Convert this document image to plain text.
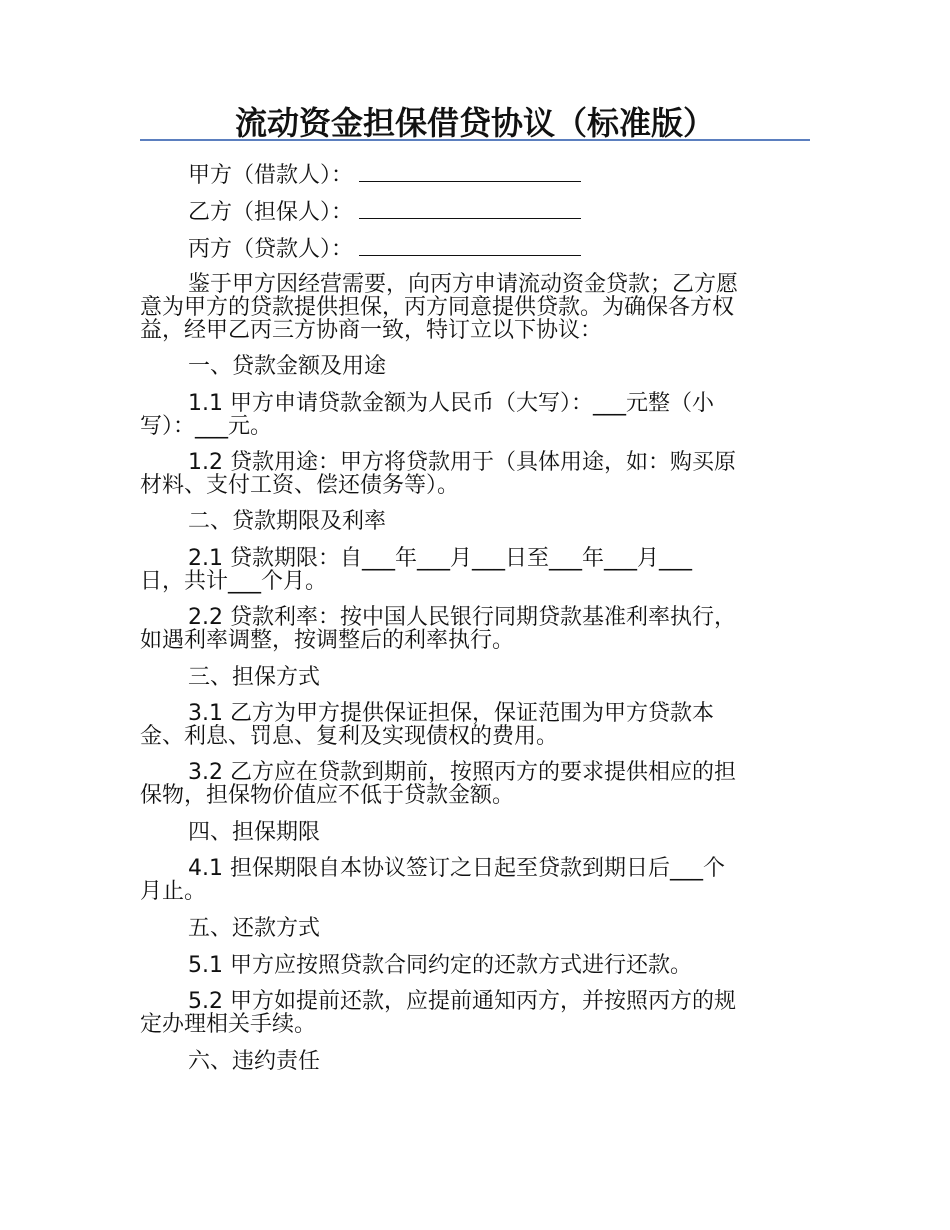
流动资金担保借贷协议（标准版）

甲方（借款人）：

乙方（担保人）：

丙方（贷款人）：

鉴于甲方因经营需要，向丙方申请流动资金贷款；乙方愿

意为甲方的贷款提供担保，丙方同意提供贷款。为确保各方权

益，经甲乙丙三方协商一致，特订立以下协议：

一、贷款金额及用途

1.1 甲方申请贷款金额为人民币（大写）：___元整（小

写）：___元。

1.2 贷款用途：甲方将贷款用于（具体用途，如：购买原

材料、支付工资、偿还债务等）。

二、贷款期限及利率

2.1 贷款期限：自___年___月___日至___年___月___

日，共计___个月。

2.2 贷款利率：按中国人民银行同期贷款基准利率执行，

如遇利率调整，按调整后的利率执行。

三、担保方式

3.1 乙方为甲方提供保证担保，保证范围为甲方贷款本

金、利息、罚息、复利及实现债权的费用。

3.2 乙方应在贷款到期前，按照丙方的要求提供相应的担

保物，担保物价值应不低于贷款金额。

四、担保期限

4.1 担保期限自本协议签订之日起至贷款到期日后___个

月止。

五、还款方式

5.1 甲方应按照贷款合同约定的还款方式进行还款。

5.2 甲方如提前还款，应提前通知丙方，并按照丙方的规

定办理相关手续。

六、违约责任
